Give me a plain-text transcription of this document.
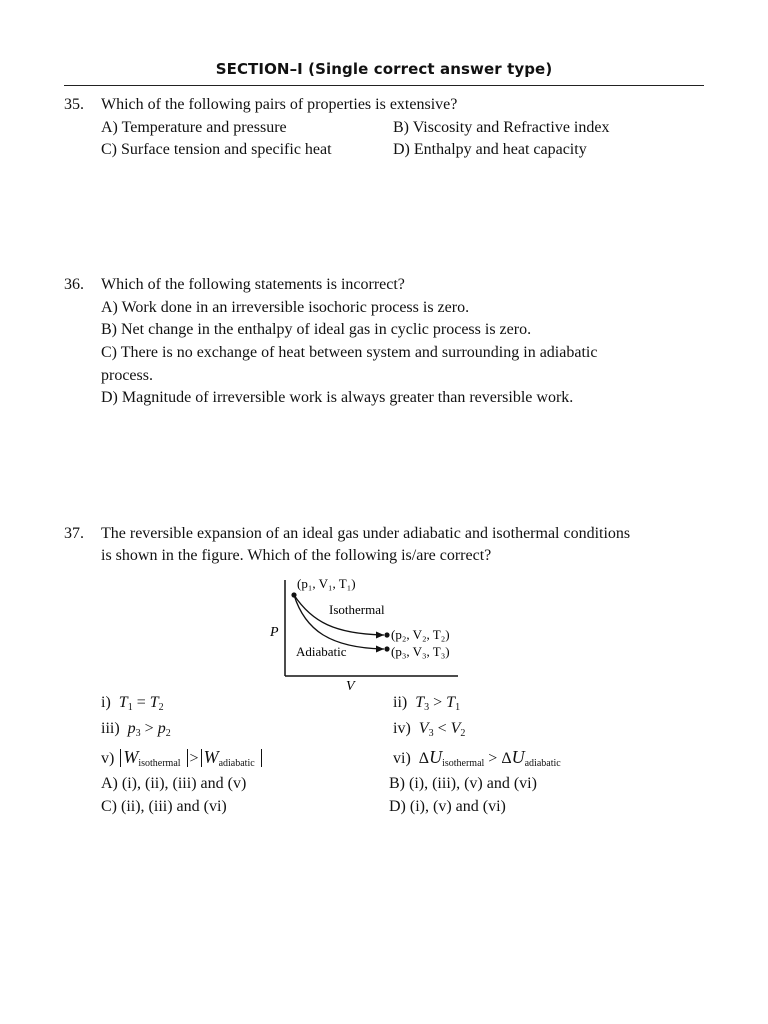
SECTION–I (Single correct answer type)
35. Which of the following pairs of properties is extensive?
A) Temperature and pressure	B) Viscosity and Refractive index
C) Surface tension and specific heat	D) Enthalpy and heat capacity
36. Which of the following statements is incorrect?
A) Work done in an irreversible isochoric process is zero.
B) Net change in the enthalpy of ideal gas in cyclic process is zero.
C) There is no exchange of heat between system and surrounding in adiabatic
process.
D) Magnitude of irreversible work is always greater than reversible work.
37. The reversible expansion of an ideal gas under adiabatic and isothermal conditions
is shown in the figure. Which of the following is/are correct?
P
V
(p₁, V₁, T₁)
Isothermal
Adiabatic
(p₂, V₂, T₂)
(p₃, V₃, T₃)
i) $T_1 = T_2$	ii) $T_3 > T_1$
iii) $p_3 > p_2$	iv) $V_3 < V_2$
v) $W_{isothermal} > W_{adiabatic}$	vi)  $\Delta U_{isothermal} > \Delta U_{adiabatic}$
A) (i), (ii), (iii) and (v)	B) (i), (iii), (v) and (vi)
C) (ii), (iii) and (vi)	D) (i), (v) and (vi)
